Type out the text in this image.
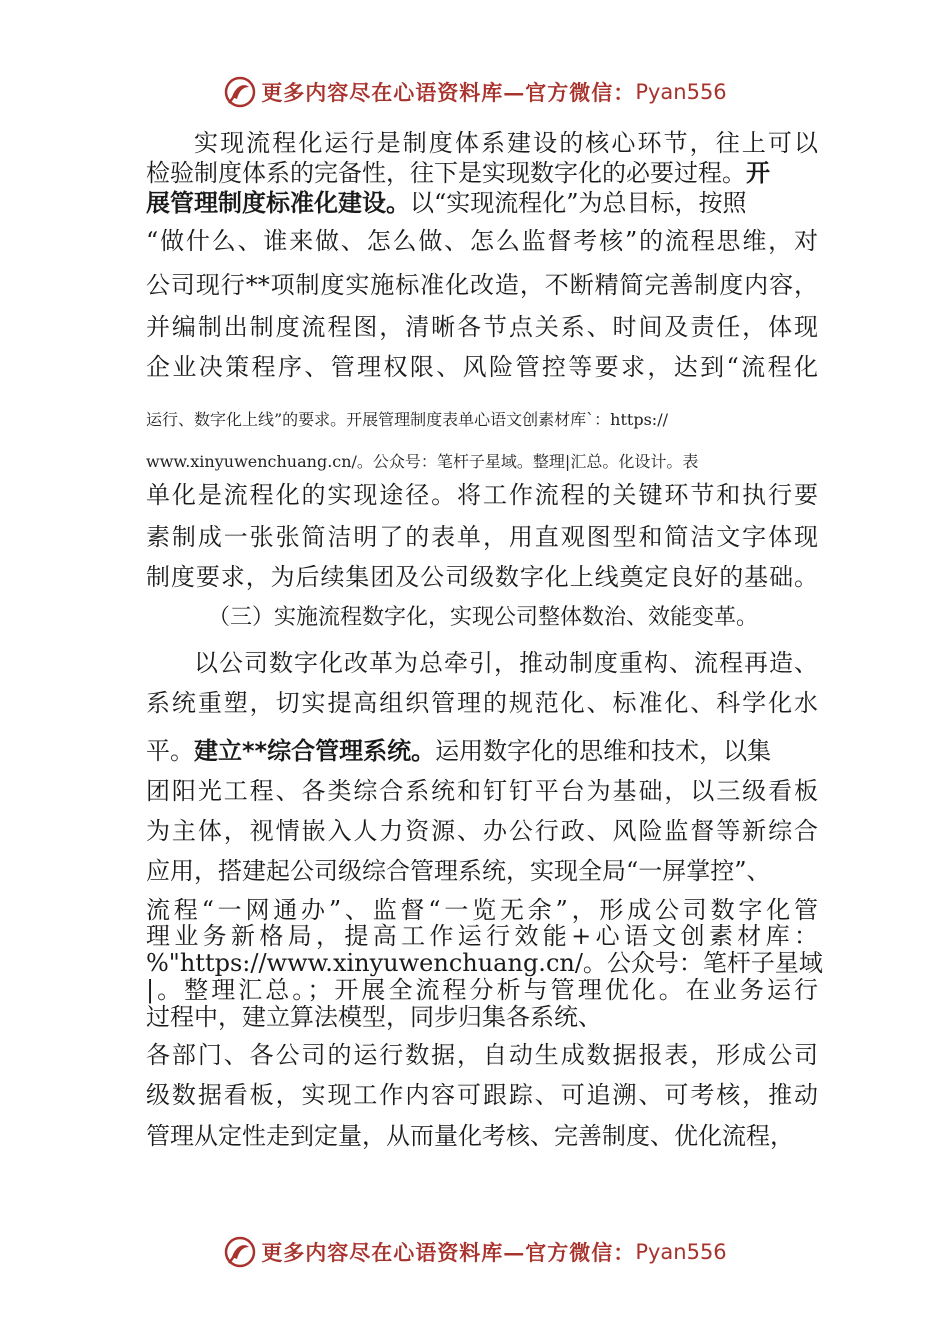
更多内容尽在心语资料库—官方微信： Pyan556
实现流程化运行是制度体系建设的核心环节，往上可以
检验制度体系的完备性，往下是实现数字化的必要过程。开
展管理制度标准化建设。以“实现流程化”为总目标，按照
“做什么、谁来做、怎么做、怎么监督考核”的流程思维，对
公司现行**项制度实施标准化改造，不断精简完善制度内容，
并编制出制度流程图，清晰各节点关系、时间及责任，体现
企业决策程序、管理权限、风险管控等要求，达到“流程化
运行、数字化上线”的要求。开展管理制度表单心语文创素材库`：https://
www.xinyuwenchuang.cn/。公众号：笔杆子星域。整理|汇总。化设计。表
单化是流程化的实现途径。将工作流程的关键环节和执行要
素制成一张张简洁明了的表单，用直观图型和简洁文字体现
制度要求，为后续集团及公司级数字化上线奠定良好的基础。
（三）实施流程数字化，实现公司整体数治、效能变革。
以公司数字化改革为总牵引，推动制度重构、流程再造、
系统重塑，切实提高组织管理的规范化、标准化、科学化水
平。建立**综合管理系统。运用数字化的思维和技术，以集
团阳光工程、各类综合系统和钉钉平台为基础，以三级看板
为主体，视情嵌入人力资源、办公行政、风险监督等新综合
应用，搭建起公司级综合管理系统，实现全局“一屏掌控”、
流程“一网通办”、监督“一览无余”，形成公司数字化管
理业务新格局，提高工作运行效能+心语文创素材库：
%"https://www.xinyuwenchuang.cn/。公众号：笔杆子星域
|。整理汇总。；开展全流程分析与管理优化。在业务运行
过程中，建立算法模型，同步归集各系统、
各部门、各公司的运行数据，自动生成数据报表，形成公司
级数据看板，实现工作内容可跟踪、可追溯、可考核，推动
管理从定性走到定量，从而量化考核、完善制度、优化流程，
更多内容尽在心语资料库—官方微信： Pyan556
